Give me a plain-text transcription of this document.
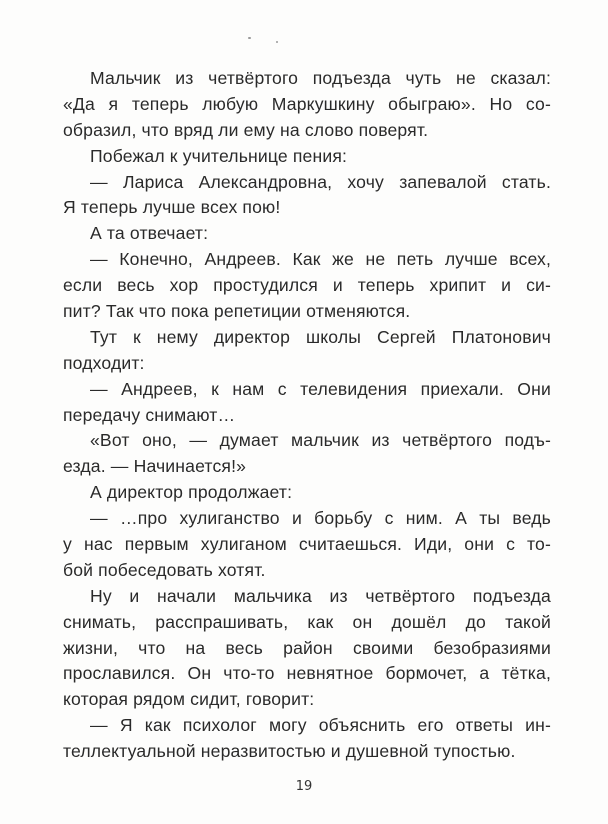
Мальчик из четвёртого подъезда чуть не сказал:
«Да я теперь любую Маркушкину обыграю». Но со-
образил, что вряд ли ему на слово поверят.
Побежал к учительнице пения:
— Лариса Александровна, хочу запевалой стать.
Я теперь лучше всех пою!
А та отвечает:
— Конечно, Андреев. Как же не петь лучше всех,
если весь хор простудился и теперь хрипит и си-
пит? Так что пока репетиции отменяются.
Тут к нему директор школы Сергей Платонович
подходит:
— Андреев, к нам с телевидения приехали. Они
передачу снимают…
«Вот оно, — думает мальчик из четвёртого подъ-
езда. — Начинается!»
А директор продолжает:
— …про хулиганство и борьбу с ним. А ты ведь
у нас первым хулиганом считаешься. Иди, они с то-
бой побеседовать хотят.
Ну и начали мальчика из четвёртого подъезда
снимать, расспрашивать, как он дошёл до такой
жизни, что на весь район своими безобразиями
прославился. Он что-то невнятное бормочет, а тётка,
которая рядом сидит, говорит:
— Я как психолог могу объяснить его ответы ин-
теллектуальной неразвитостью и душевной тупостью.
19
